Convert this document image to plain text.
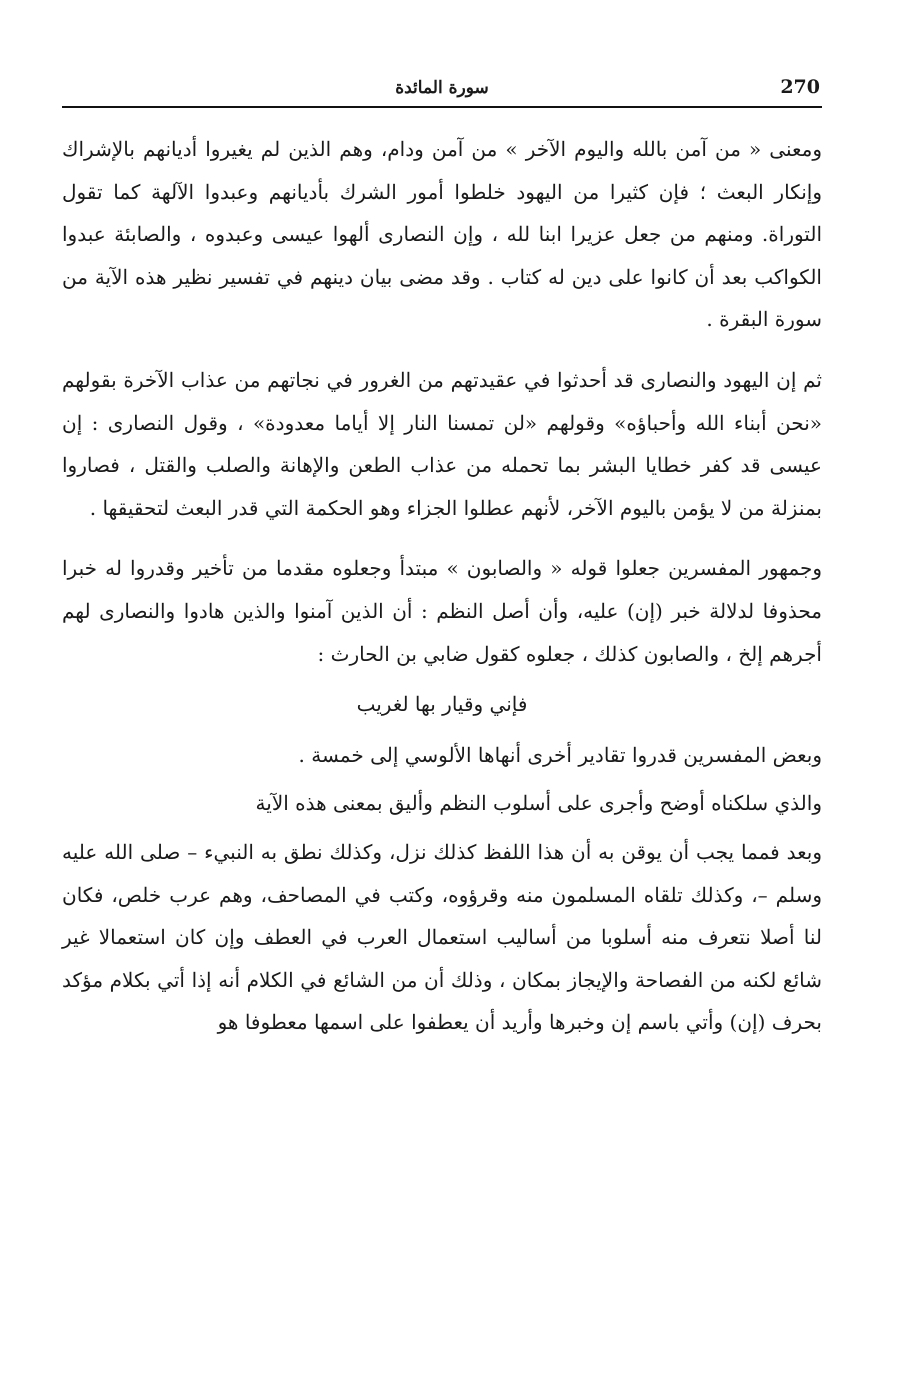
270
سورة المائدة

ومعنى « من آمن بالله واليوم الآخر » من آمن ودام، وهم الذين لم يغيروا أديانهم بالإشراك وإنكار البعث ؛ فإن كثيرا من اليهود خلطوا أمور الشرك بأديانهم وعبدوا الآلهة كما تقول التوراة. ومنهم من جعل عزيرا ابنا لله ، وإن النصارى ألهوا عيسى وعبدوه ، والصابئة عبدوا الكواكب بعد أن كانوا على دين له كتاب . وقد مضى بيان دينهم في تفسير نظير هذه الآية من سورة البقرة .

ثم إن اليهود والنصارى قد أحدثوا في عقيدتهم من الغرور في نجاتهم من عذاب الآخرة بقولهم «نحن أبناء الله وأحباؤه» وقولهم «لن تمسنا النار إلا أياما معدودة» ، وقول النصارى : إن عيسى قد كفر خطايا البشر بما تحمله من عذاب الطعن والإهانة والصلب والقتل ، فصاروا بمنزلة من لا يؤمن باليوم الآخر، لأنهم عطلوا الجزاء وهو الحكمة التي قدر البعث لتحقيقها .

وجمهور المفسرين جعلوا قوله « والصابون » مبتدأ وجعلوه مقدما من تأخير وقدروا له خبرا محذوفا لدلالة خبر (إن) عليه، وأن أصل النظم : أن الذين آمنوا والذين هادوا والنصارى لهم أجرهم إلخ ، والصابون كذلك ، جعلوه كقول ضابي بن الحارث :

فإني وقيار بها لغريب

وبعض المفسرين قدروا تقادير أخرى أنهاها الألوسي إلى خمسة .

والذي سلكناه أوضح وأجرى على أسلوب النظم وأليق بمعنى هذه الآية

وبعد فمما يجب أن يوقن به أن هذا اللفظ كذلك نزل، وكذلك نطق به النبيء – صلى الله عليه وسلم –، وكذلك تلقاه المسلمون منه وقرؤوه، وكتب في المصاحف، وهم عرب خلص، فكان لنا أصلا نتعرف منه أسلوبا من أساليب استعمال العرب في العطف وإن كان استعمالا غير شائع لكنه من الفصاحة والإيجاز بمكان ، وذلك أن من الشائع في الكلام أنه إذا أتي بكلام مؤكد بحرف (إن) وأتي باسم إن وخبرها وأريد أن يعطفوا على اسمها معطوفا هو
